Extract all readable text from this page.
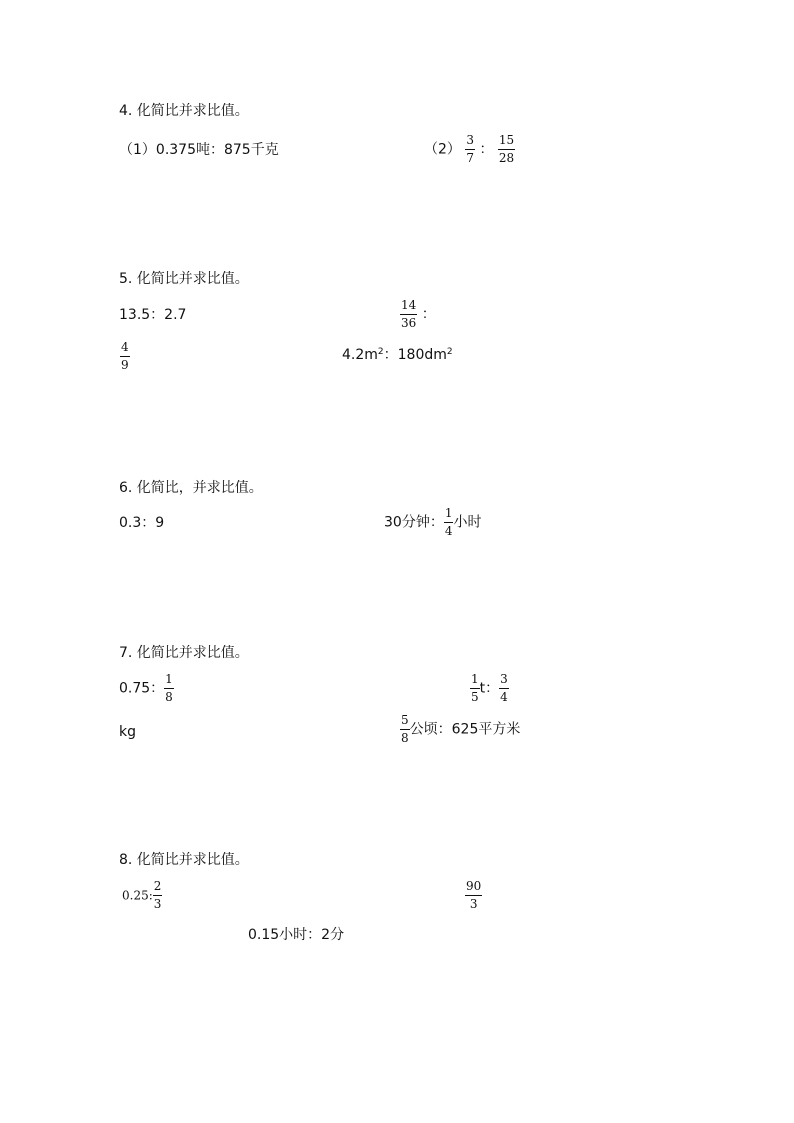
4. 化简比并求比值。
（1）0.375吨：875千克	$(2) \frac{3}{7}$ ： $\frac{15}{28}$
5. 化简比并求比值。
13.5：2.7	$\frac{14}{36}$ ：
$\frac{4}{9}$	$4.2m^2$：$180dm^2$
6. 化简比，并求比值。
0.3：9	30分钟： $\frac{1}{4}$ 小时
7. 化简比并求比值。
0.75： $\frac{1}{8}$	$\frac{1}{5}$ t： $\frac{3}{4}$
kg	$\frac{5}{8}$ 公顷：625平方米
8. 化简比并求比值。
0.25: $\frac{2}{3}$	$\frac{90}{3}$
0.15小时：2分
